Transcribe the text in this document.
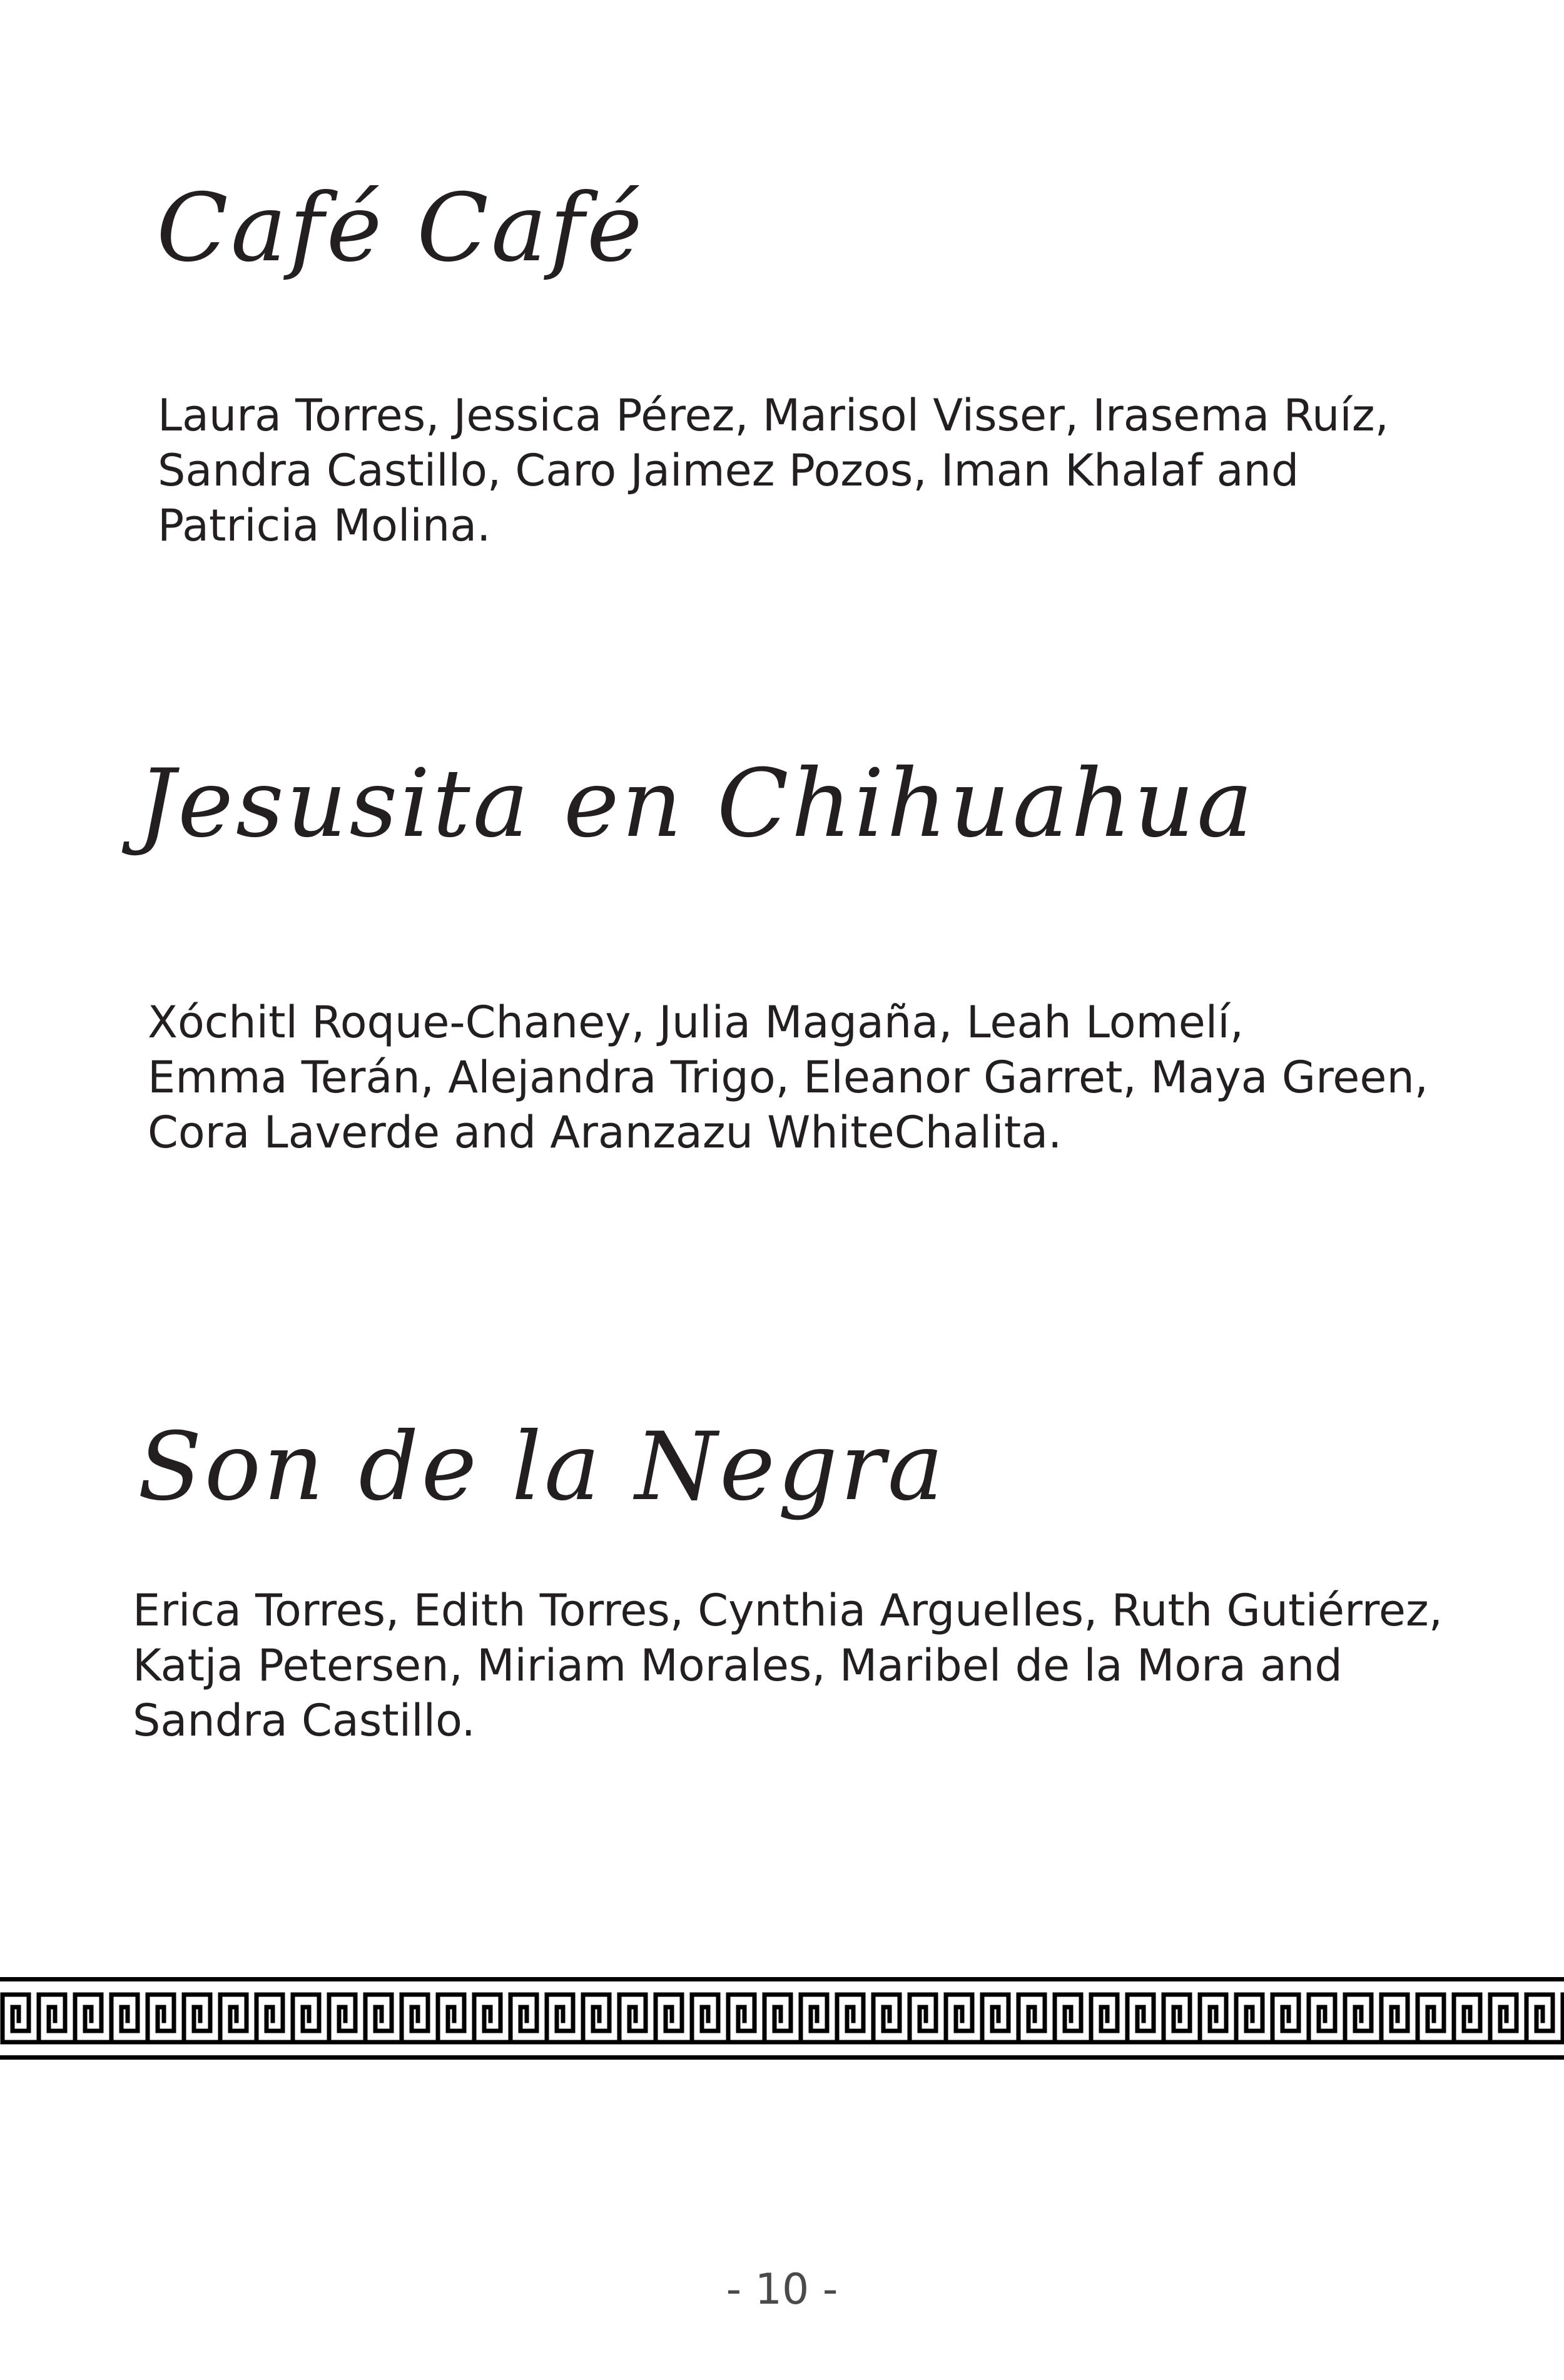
Café Café

Laura Torres, Jessica Pérez, Marisol Visser, Irasema Ruíz,
Sandra Castillo, Caro Jaimez Pozos, Iman Khalaf and
Patricia Molina.

Jesusita en Chihuahua

Xóchitl Roque-Chaney, Julia Magaña, Leah Lomelí,
Emma Terán, Alejandra Trigo, Eleanor Garret, Maya Green,
Cora Laverde and Aranzazu WhiteChalita.

Son de la Negra

Erica Torres, Edith Torres, Cynthia Arguelles, Ruth Gutiérrez,
Katja Petersen, Miriam Morales, Maribel de la Mora and
Sandra Castillo.

- 10 -
